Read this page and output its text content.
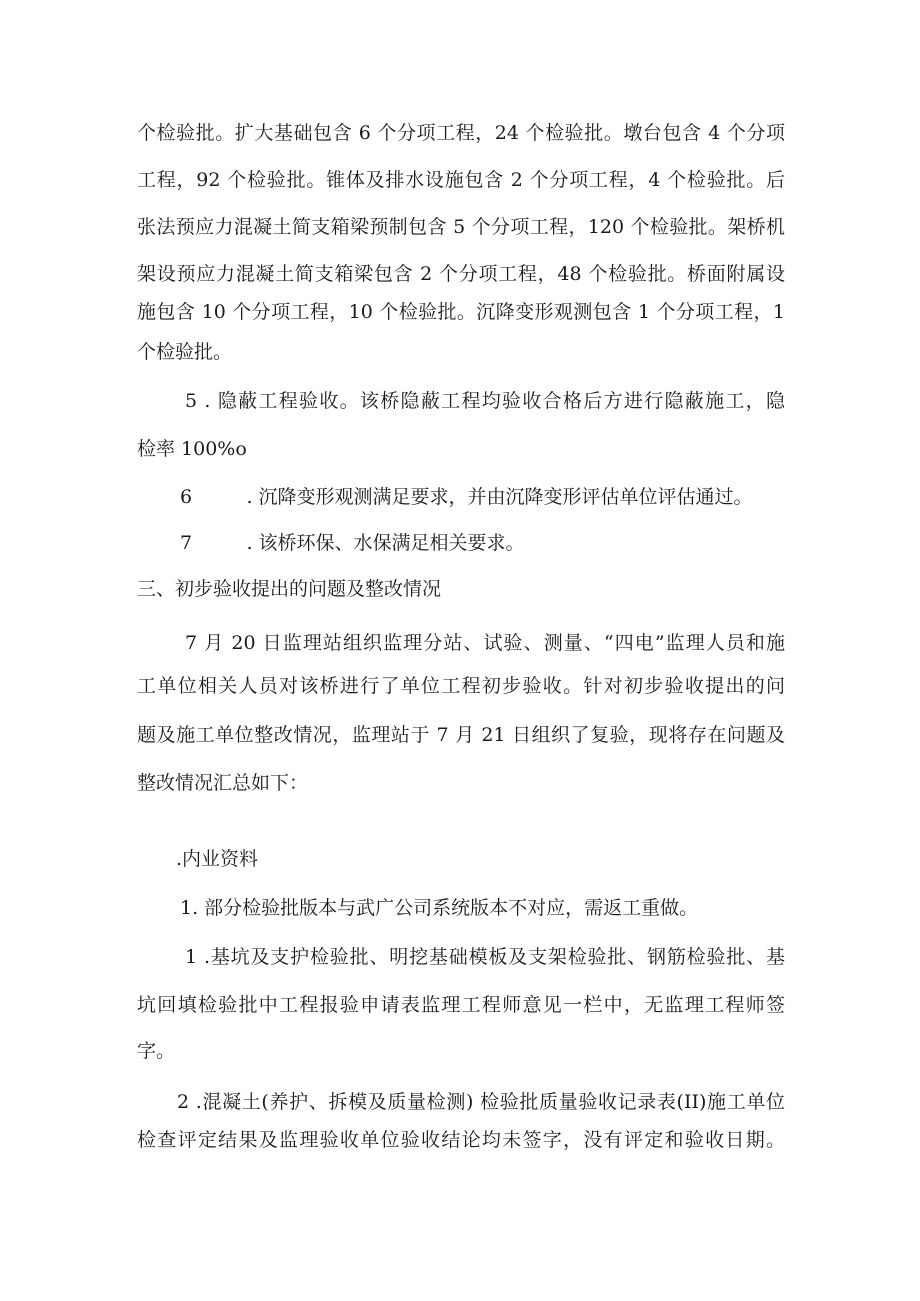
个检验批。扩大基础包含 6 个分项工程，24 个检验批。墩台包含 4 个分项
工程，92 个检验批。锥体及排水设施包含 2 个分项工程，4 个检验批。后
张法预应力混凝土简支箱梁预制包含 5 个分项工程，120 个检验批。架桥机
架设预应力混凝土简支箱梁包含 2 个分项工程，48 个检验批。桥面附属设
施包含 10 个分项工程，10 个检验批。沉降变形观测包含 1 个分项工程，1
个检验批。
5 . 隐蔽工程验收。该桥隐蔽工程均验收合格后方进行隐蔽施工，隐
检率 100%o
6         . 沉降变形观测满足要求，并由沉降变形评估单位评估通过。
7         . 该桥环保、水保满足相关要求。
三、初步验收提出的问题及整改情况
7 月 20 日监理站组织监理分站、试验、测量、“四电”监理人员和施
工单位相关人员对该桥进行了单位工程初步验收。针对初步验收提出的问
题及施工单位整改情况，监理站于 7 月 21 日组织了复验，现将存在问题及
整改情况汇总如下：
.内业资料
1. 部分检验批版本与武广公司系统版本不对应，需返工重做。
1 .基坑及支护检验批、明挖基础模板及支架检验批、钢筋检验批、基
坑回填检验批中工程报验申请表监理工程师意见一栏中，无监理工程师签
字。
2 .混凝土(养护、拆模及质量检测) 检验批质量验收记录表(II)施工单位
检查评定结果及监理验收单位验收结论均未签字，没有评定和验收日期。
